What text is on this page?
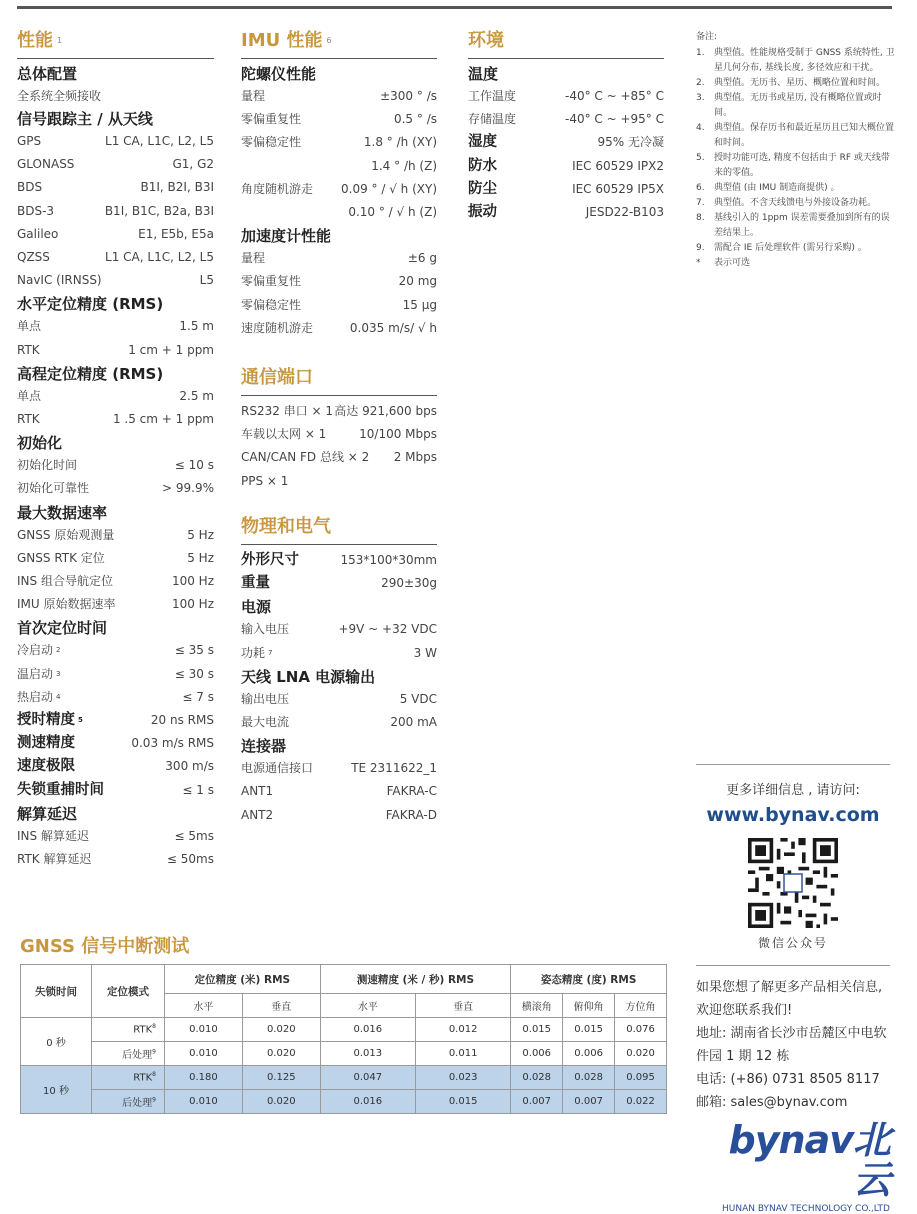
性能 $^1$
总体配置
全系统全频接收
信号跟踪主 / 从天线
GPS	L1 CA, L1C, L2, L5
GLONASS	G1, G2
BDS	B1I, B2I, B3I
BDS-3	B1I, B1C, B2a, B3I
Galileo	E1, E5b, E5a
QZSS	L1 CA, L1C, L2, L5
NavIC (IRNSS)	L5
水平定位精度 (RMS)
单点	1.5 m
RTK	1 cm + 1 ppm
高程定位精度 (RMS)
单点	2.5 m
RTK	1 .5 cm + 1 ppm
初始化
初始化时间	≤ 10 s
初始化可靠性	> 99.9%
最大数据速率
GNSS 原始观测量	5 Hz
GNSS RTK 定位	5 Hz
INS 组合导航定位	100 Hz
IMU 原始数据速率	100 Hz
首次定位时间
冷启动 $^2$	≤ 35 s
温启动 $^3$	≤ 30 s
热启动 $^4$	≤ 7 s
授时精度 $^5$	20 ns RMS
测速精度	0.03 m/s RMS
速度极限	300 m/s
失锁重捕时间	≤ 1 s
解算延迟
INS 解算延迟	≤ 5ms
RTK 解算延迟	≤ 50ms
IMU 性能 $^6$
陀螺仪性能
量程	±300 ° /s
零偏重复性	0.5 ° /s
零偏稳定性	1.8 ° /h (XY)
1.4 ° /h (Z)
角度随机游走 0.09 ° / √ h (XY)
0.10 ° / √ h (Z)
加速度计性能
量程	±6 g
零偏重复性	20 mg
零偏稳定性	15 μg
速度随机游走	0.035 m/s/ √ h
通信端口
RS232 串口 × 1 高达 921,600 bps
车载以太网 × 1	10/100 Mbps
CAN/CAN FD 总线 × 2 2 Mbps
PPS × 1
物理和电气
外形尺寸	153*100*30mm
重量	290±30g
电源
输入电压	+9V ~ +32 VDC
功耗 $^7$	3 W
天线 LNA 电源输出
输出电压	5 VDC
最大电流	200 mA
连接器
电源通信接口	TE 2311622_1
ANT1	FAKRA-C
ANT2	FAKRA-D
环境
温度
工作温度	-40° C ~ +85° C
存储温度	-40° C ~ +95° C
湿度	95% 无冷凝
防水	IEC 60529 IPX2
防尘	IEC 60529 IP5X
振动	JESD22-B103
备注:
1.	典型值。性能规格受制于 GNSS 系统特性, 卫星几何分布, 基线长度, 多径效应和干扰。
2.	典型值。无历书、星历、概略位置和时间。
3.	典型值。无历书或星历, 没有概略位置或时间。
4.	典型值。保存历书和最近星历且已知大概位置和时间。
5.	授时功能可选, 精度不包括由于 RF 或天线带来的零值。
6.	典型值 (由 IMU 制造商提供) 。
7.	典型值。不含天线馈电与外接设备功耗。
8.	基线引入的 1ppm 误差需要叠加到所有的误差结果上。
9.	需配合 IE 后处理软件 (需另行采购) 。
*	表示可选
更多详细信息 , 请访问:
www.bynav.com
微信公众号
如果您想了解更多产品相关信息,
欢迎您联系我们!
地址: 湖南省长沙市岳麓区中电软
件园 1 期 12 栋
电话: (+86) 0731 8505 8117
邮箱: sales@bynav.com
bynav北云
HUNAN BYNAV TECHNOLOGY CO.,LTD
GNSS 信号中断测试
失锁时间	定位模式	定位精度 (米) RMS		测速精度 (米 / 秒) RMS		姿态精度 (度) RMS		
		水平	垂直	水平	垂直	横滚角	俯仰角	方位角
0 秒	RTK$^8$	0.010	0.020	0.016	0.012	0.015	0.015	0.076
	后处理$^9$	0.010	0.020	0.013	0.011	0.006	0.006	0.020
10 秒	RTK$^8$	0.180	0.125	0.047	0.023	0.028	0.028	0.095
	后处理$^9$	0.010	0.020	0.016	0.015	0.007	0.007	0.022
